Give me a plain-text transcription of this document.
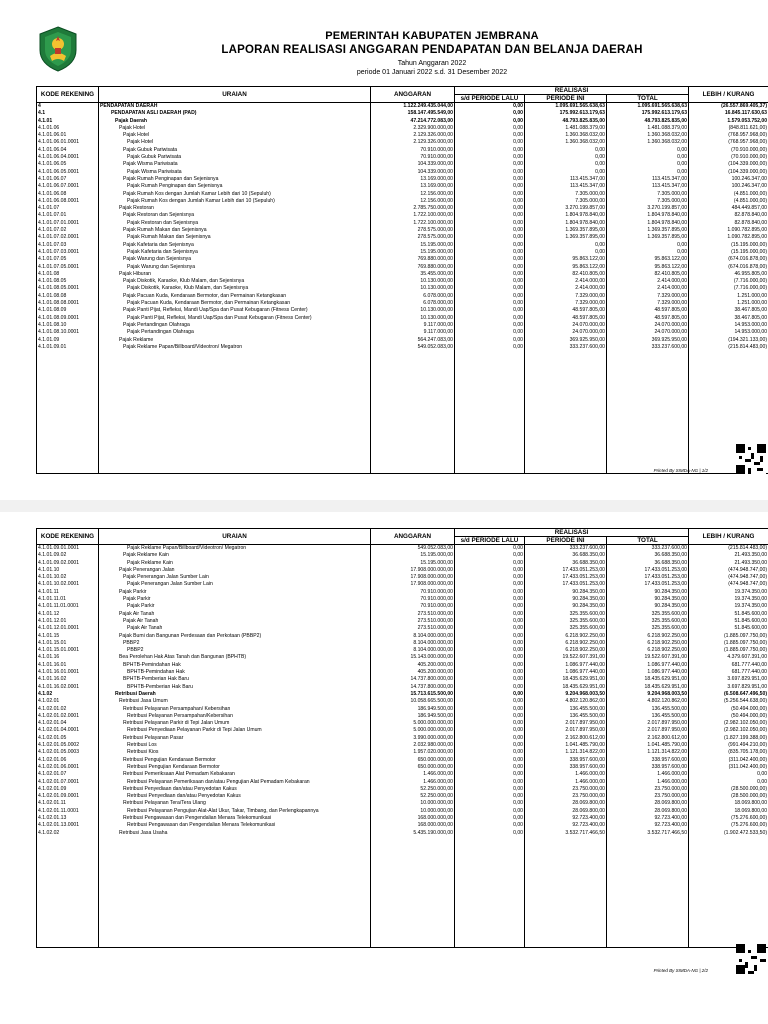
PEMERINTAH KABUPATEN JEMBRANA
LAPORAN REALISASI ANGGARAN PENDAPATAN DAN BELANJA DAERAH
Tahun Anggaran 2022
periode 01 Januari 2022 s.d. 31 Desember 2022
KODE REKENING	URAIAN	ANGGARAN	REALISASI			LEBIH / KURANG
			s/d PERIODE LALU	PERIODE INI	TOTAL	
4	PENDAPATAN DAERAH	1.122.249.435.044,00	0,00	1.095.691.565.638,63	1.095.691.565.638,63	(26.557.869.405,37)
4.1	PENDAPATAN ASLI DAERAH (PAD)	158.147.495.549,00	0,00	175.992.613.179,63	175.992.613.179,63	16.845.117.630,63
4.1.01	Pajak Daerah	47.214.772.083,00	0,00	48.793.825.835,00	48.793.825.835,00	1.579.053.752,00
4.1.01.06	Pajak Hotel	2.329.900.000,00	0,00	1.481.088.379,00	1.481.088.379,00	(848.811.621,00)
4.1.01.06.01	Pajak Hotel	2.129.326.000,00	0,00	1.360.368.032,00	1.360.368.032,00	(768.957.968,00)
4.1.01.06.01.0001	Pajak Hotel	2.129.326.000,00	0,00	1.360.368.032,00	1.360.368.032,00	(768.957.968,00)
4.1.01.06.04	Pajak Gubuk Pariwisata	70.910.000,00	0,00	0,00	0,00	(70.910.000,00)
4.1.01.06.04.0001	Pajak Gubuk Pariwisata	70.910.000,00	0,00	0,00	0,00	(70.910.000,00)
4.1.01.06.05	Pajak Wisma Pariwisata	104.339.000,00	0,00	0,00	0,00	(104.339.000,00)
4.1.01.06.05.0001	Pajak Wisma Pariwisata	104.339.000,00	0,00	0,00	0,00	(104.339.000,00)
4.1.01.06.07	Pajak Rumah Penginapan dan Sejenisnya	13.169.000,00	0,00	113.415.347,00	113.415.347,00	100.246.347,00
4.1.01.06.07.0001	Pajak Rumah Penginapan dan Sejenisnya	13.169.000,00	0,00	113.415.347,00	113.415.347,00	100.246.347,00
4.1.01.06.08	Pajak Rumah Kos dengan Jumlah Kamar Lebih dari 10 (Sepuluh)	12.156.000,00	0,00	7.305.000,00	7.305.000,00	(4.851.000,00)
4.1.01.06.08.0001	Pajak Rumah Kos dengan Jumlah Kamar Lebih dari 10 (Sepuluh)	12.156.000,00	0,00	7.305.000,00	7.305.000,00	(4.851.000,00)
4.1.01.07	Pajak Restoran	2.785.750.000,00	0,00	3.270.199.857,00	3.270.199.857,00	484.449.857,00
4.1.01.07.01	Pajak Restoran dan Sejenisnya	1.722.100.000,00	0,00	1.804.978.840,00	1.804.978.840,00	82.878.840,00
4.1.01.07.01.0001	Pajak Restoran dan Sejenisnya	1.722.100.000,00	0,00	1.804.978.840,00	1.804.978.840,00	82.878.840,00
4.1.01.07.02	Pajak Rumah Makan dan Sejenisnya	278.575.000,00	0,00	1.369.357.895,00	1.369.357.895,00	1.090.782.895,00
4.1.01.07.02.0001	Pajak Rumah Makan dan Sejenisnya	278.575.000,00	0,00	1.369.357.895,00	1.369.357.895,00	1.090.782.895,00
4.1.01.07.03	Pajak Kafetaria dan Sejenisnya	15.195.000,00	0,00	0,00	0,00	(15.195.000,00)
4.1.01.07.03.0001	Pajak Kafetaria dan Sejenisnya	15.195.000,00	0,00	0,00	0,00	(15.195.000,00)
4.1.01.07.05	Pajak Warung dan Sejenisnya	769.880.000,00	0,00	95.863.122,00	95.863.122,00	(674.016.878,00)
4.1.01.07.05.0001	Pajak Warung dan Sejenisnya	769.880.000,00	0,00	95.863.122,00	95.863.122,00	(674.016.878,00)
4.1.01.08	Pajak Hiburan	35.455.000,00	0,00	82.410.805,00	82.410.805,00	46.955.805,00
4.1.01.08.05	Pajak Diskotik, Karaoke, Klub Malam, dan Sejenisnya	10.130.000,00	0,00	2.414.000,00	2.414.000,00	(7.716.000,00)
4.1.01.08.05.0001	Pajak Diskotik, Karaoke, Klub Malam, dan Sejenisnya	10.130.000,00	0,00	2.414.000,00	2.414.000,00	(7.716.000,00)
4.1.01.08.08	Pajak Pacuan Kuda, Kendaraan Bermotor, dan Permainan Ketangkasan	6.078.000,00	0,00	7.329.000,00	7.329.000,00	1.251.000,00
4.1.01.08.08.0001	Pajak Pacuan Kuda, Kendaraan Bermotor, dan Permainan Ketangkasan	6.078.000,00	0,00	7.329.000,00	7.329.000,00	1.251.000,00
4.1.01.08.09	Pajak Panti Pijat, Refleksi, Mandi Uap/Spa dan Pusat Kebugaran (Fitness Center)	10.130.000,00	0,00	48.597.805,00	48.597.805,00	38.467.805,00
4.1.01.08.09.0001	Pajak Panti Pijat, Refleksi, Mandi Uap/Spa dan Pusat Kebugaran (Fitness Center)	10.130.000,00	0,00	48.597.805,00	48.597.805,00	38.467.805,00
4.1.01.08.10	Pajak Pertandingan Olahraga	9.117.000,00	0,00	24.070.000,00	24.070.000,00	14.953.000,00
4.1.01.08.10.0001	Pajak Pertandingan Olahraga	9.117.000,00	0,00	24.070.000,00	24.070.000,00	14.953.000,00
4.1.01.09	Pajak Reklame	564.247.083,00	0,00	369.925.950,00	369.925.950,00	(194.321.133,00)
4.1.01.09.01	Pajak Reklame Papan/Billboard/Videotron/ Megatron	549.052.083,00	0,00	333.237.600,00	333.237.600,00	(215.814.483,00)

Printed By SIMDA-NG | 1/2
KODE REKENING	URAIAN	ANGGARAN	REALISASI			LEBIH / KURANG
			s/d PERIODE LALU	PERIODE INI	TOTAL	
4.1.01.09.01.0001	Pajak Reklame Papan/Billboard/Videotron/ Megatron	549.052.083,00	0,00	333.237.600,00	333.237.600,00	(215.814.483,00)
4.1.01.09.02	Pajak Reklame Kain	15.195.000,00	0,00	36.688.350,00	36.688.350,00	21.493.350,00
4.1.01.09.02.0001	Pajak Reklame Kain	15.195.000,00	0,00	36.688.350,00	36.688.350,00	21.493.350,00
4.1.01.10	Pajak Penerangan Jalan	17.908.000.000,00	0,00	17.433.051.253,00	17.433.051.253,00	(474.948.747,00)
4.1.01.10.02	Pajak Penerangan Jalan Sumber Lain	17.908.000.000,00	0,00	17.433.051.253,00	17.433.051.253,00	(474.948.747,00)
4.1.01.10.02.0001	Pajak Penerangan Jalan Sumber Lain	17.908.000.000,00	0,00	17.433.051.253,00	17.433.051.253,00	(474.948.747,00)
4.1.01.11	Pajak Parkir	70.910.000,00	0,00	90.284.350,00	90.284.350,00	19.374.350,00
4.1.01.11.01	Pajak Parkir	70.910.000,00	0,00	90.284.350,00	90.284.350,00	19.374.350,00
4.1.01.11.01.0001	Pajak Parkir	70.910.000,00	0,00	90.284.350,00	90.284.350,00	19.374.350,00
4.1.01.12	Pajak Air Tanah	273.510.000,00	0,00	325.355.600,00	325.355.600,00	51.845.600,00
4.1.01.12.01	Pajak Air Tanah	273.510.000,00	0,00	325.355.600,00	325.355.600,00	51.845.600,00
4.1.01.12.01.0001	Pajak Air Tanah	273.510.000,00	0,00	325.355.600,00	325.355.600,00	51.845.600,00
4.1.01.15	Pajak Bumi dan Bangunan Perdesaan dan Perkotaan (PBBP2)	8.104.000.000,00	0,00	6.218.902.250,00	6.218.902.250,00	(1.885.097.750,00)
4.1.01.15.01	PBBP2	8.104.000.000,00	0,00	6.218.902.250,00	6.218.902.250,00	(1.885.097.750,00)
4.1.01.15.01.0001	PBBP2	8.104.000.000,00	0,00	6.218.902.250,00	6.218.902.250,00	(1.885.097.750,00)
4.1.01.16	Bea Perolehan Hak Atas Tanah dan Bangunan (BPHTB)	15.143.000.000,00	0,00	19.522.607.391,00	19.522.607.391,00	4.379.607.391,00
4.1.01.16.01	BPHTB-Pemindahan Hak	405.200.000,00	0,00	1.086.977.440,00	1.086.977.440,00	681.777.440,00
4.1.01.16.01.0001	BPHTB-Pemindahan Hak	405.200.000,00	0,00	1.086.977.440,00	1.086.977.440,00	681.777.440,00
4.1.01.16.02	BPHTB-Pemberian Hak Baru	14.737.800.000,00	0,00	18.435.629.951,00	18.435.629.951,00	3.697.829.951,00
4.1.01.16.02.0001	BPHTB-Pemberian Hak Baru	14.737.800.000,00	0,00	18.435.629.951,00	18.435.629.951,00	3.697.829.951,00
4.1.02	Retribusi Daerah	15.713.615.500,00	0,00	9.204.968.003,50	9.204.968.003,50	(6.508.647.496,50)
4.1.02.01	Retribusi Jasa Umum	10.058.665.500,00	0,00	4.802.120.862,00	4.802.120.862,00	(5.256.544.638,00)
4.1.02.01.02	Retribusi Pelayanan Persampahan/ Kebersihan	186.949.500,00	0,00	136.455.500,00	136.455.500,00	(50.494.000,00)
4.1.02.01.02.0001	Retribusi Pelayanan Persampahan/Kebersihan	186.949.500,00	0,00	136.455.500,00	136.455.500,00	(50.494.000,00)
4.1.02.01.04	Retribusi Pelayanan Parkir di Tepi Jalan Umum	5.000.000.000,00	0,00	2.017.897.950,00	2.017.897.950,00	(2.982.102.050,00)
4.1.02.01.04.0001	Retribusi Penyediaan Pelayanan Parkir di Tepi Jalan Umum	5.000.000.000,00	0,00	2.017.897.950,00	2.017.897.950,00	(2.982.102.050,00)
4.1.02.01.05	Retribusi Pelayanan Pasar	3.990.000.000,00	0,00	2.162.800.612,00	2.162.800.612,00	(1.827.199.388,00)
4.1.02.01.05.0002	Retribusi Los	2.032.980.000,00	0,00	1.041.485.790,00	1.041.485.790,00	(991.494.210,00)
4.1.02.01.05.0003	Retribusi Kios	1.957.020.000,00	0,00	1.121.314.822,00	1.121.314.822,00	(835.705.178,00)
4.1.02.01.06	Retribusi Pengujian Kendaraan Bermotor	650.000.000,00	0,00	338.957.600,00	338.957.600,00	(311.042.400,00)
4.1.02.01.06.0001	Retribusi Pengujian Kendaraan Bermotor	650.000.000,00	0,00	338.957.600,00	338.957.600,00	(311.042.400,00)
4.1.02.01.07	Retribusi Pemeriksaan Alat Pemadam Kebakaran	1.466.000,00	0,00	1.466.000,00	1.466.000,00	0,00
4.1.02.01.07.0001	Retribusi Pelayanan Pemeriksaan dan/atau Pengujian Alat Pemadam Kebakaran	1.466.000,00	0,00	1.466.000,00	1.466.000,00	0,00
4.1.02.01.09	Retribusi Penyediaan dan/atau Penyedotan Kakus	52.250.000,00	0,00	23.750.000,00	23.750.000,00	(28.500.000,00)
4.1.02.01.09.0001	Retribusi Penyediaan dan/atau Penyedotan Kakus	52.250.000,00	0,00	23.750.000,00	23.750.000,00	(28.500.000,00)
4.1.02.01.11	Retribusi Pelayanan Tera/Tera Ulang	10.000.000,00	0,00	28.069.800,00	28.069.800,00	18.069.800,00
4.1.02.01.11.0001	Retribusi Pelayanan Pengujian Alat-Alat Ukur, Takar, Timbang, dan Perlengkapannya	10.000.000,00	0,00	28.069.800,00	28.069.800,00	18.069.800,00
4.1.02.01.13	Retribusi Pengawasan dan Pengendalian Menara Telekomunikasi	168.000.000,00	0,00	92.723.400,00	92.723.400,00	(75.276.600,00)
4.1.02.01.13.0001	Retribusi Pengawasan dan Pengendalian Menara Telekomunikasi	168.000.000,00	0,00	92.723.400,00	92.723.400,00	(75.276.600,00)
4.1.02.02	Retribusi Jasa Usaha	5.435.190.000,00	0,00	3.532.717.466,50	3.532.717.466,50	(1.902.472.533,50)

Printed By SIMDA-NG | 2/2
